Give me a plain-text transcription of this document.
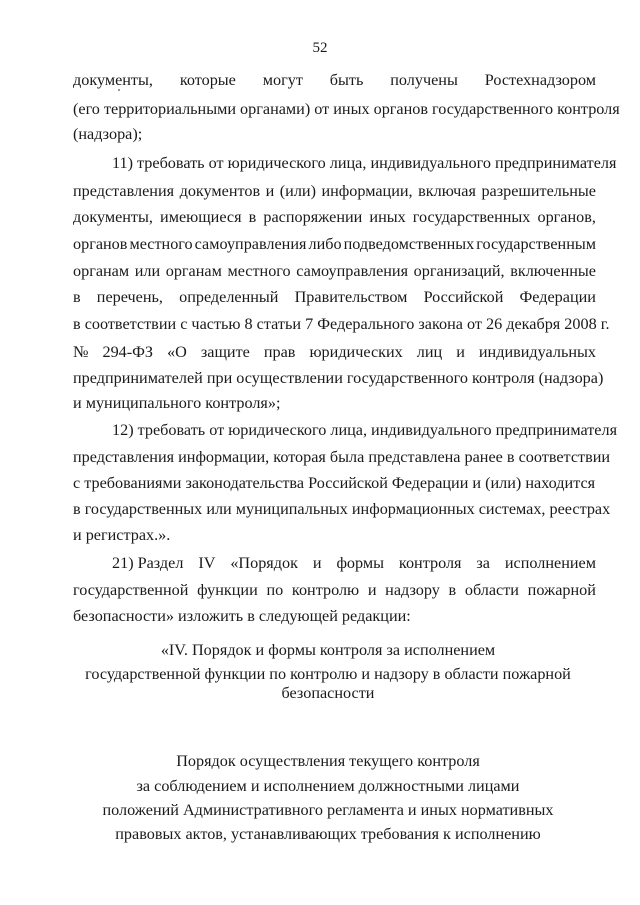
52
документы, которые могут быть получены Ростехнадзором
(его территориальными органами) от иных органов государственного контроля
(надзора);
11) требовать от юридического лица, индивидуального предпринимателя
представления документов и (или) информации, включая разрешительные
документы, имеющиеся в распоряжении иных государственных органов,
органов местного самоуправления либо подведомственных государственным
органам или органам местного самоуправления организаций, включенные
в перечень, определенный Правительством Российской Федерации
в соответствии с частью 8 статьи 7 Федерального закона от 26 декабря 2008 г.
№ 294-ФЗ «О защите прав юридических лиц и индивидуальных
предпринимателей при осуществлении государственного контроля (надзора)
и муниципального контроля»;
12) требовать от юридического лица, индивидуального предпринимателя
представления информации, которая была представлена ранее в соответствии
с требованиями законодательства Российской Федерации и (или) находится
в государственных или муниципальных информационных системах, реестрах
и регистрах.».
21) Раздел IV «Порядок и формы контроля за исполнением
государственной функции по контролю и надзору в области пожарной
безопасности» изложить в следующей редакции:
«IV. Порядок и формы контроля за исполнением
государственной функции по контролю и надзору в области пожарной
безопасности
Порядок осуществления текущего контроля
за соблюдением и исполнением должностными лицами
положений Административного регламента и иных нормативных
правовых актов, устанавливающих требования к исполнению
